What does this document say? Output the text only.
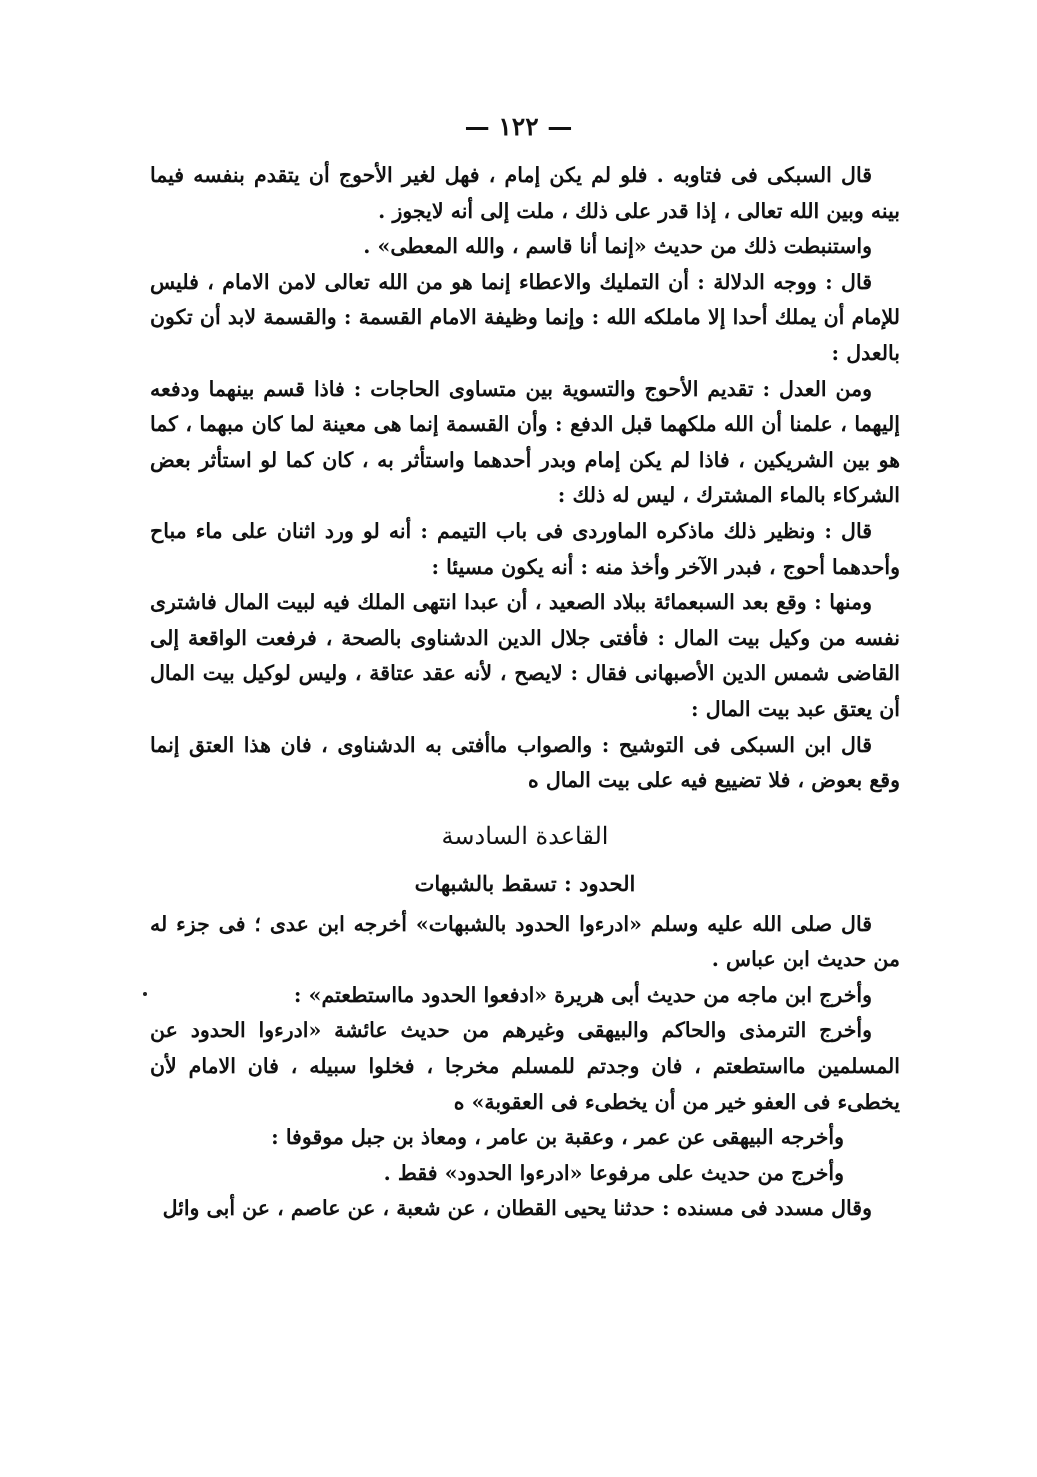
— ١٢٢ —

قال السبكى فى فتاوبه . فلو لم يكن إمام ، فهل لغير الأحوج أن يتقدم بنفسه فيما بينه وبين الله تعالى ، إذا قدر على ذلك ، ملت إلى أنه لايجوز .

واستنبطت ذلك من حديث «إنما أنا قاسم ، والله المعطى» .

قال : ووجه الدلالة : أن التمليك والاعطاء إنما هو من الله تعالى لامن الامام ، فليس للإمام أن يملك أحدا إلا ماملكه الله : وإنما وظيفة الامام القسمة : والقسمة لابد أن تكون بالعدل :

ومن العدل : تقديم الأحوج والتسوية بين متساوى الحاجات : فاذا قسم بينهما ودفعه إليهما ، علمنا أن الله ملكهما قبل الدفع : وأن القسمة إنما هى معينة لما كان مبهما ، كما هو بين الشريكين ، فاذا لم يكن إمام وبدر أحدهما واستأثر به ، كان كما لو استأثر بعض الشركاء بالماء المشترك ، ليس له ذلك :

قال : ونظير ذلك ماذكره الماوردى فى باب التيمم : أنه لو ورد اثنان على ماء مباح وأحدهما أحوج ، فبدر الآخر وأخذ منه : أنه يكون مسيئا :

ومنها : وقع بعد السبعمائة ببلاد الصعيد ، أن عبدا انتهى الملك فيه لبيت المال فاشترى نفسه من وكيل بيت المال : فأفتى جلال الدين الدشناوى بالصحة ، فرفعت الواقعة إلى القاضى شمس الدين الأصبهانى فقال : لايصح ، لأنه عقد عتاقة ، وليس لوكيل بيت المال أن يعتق عبد بيت المال :

قال ابن السبكى فى التوشيح : والصواب ماأفتى به الدشناوى ، فان هذا العتق إنما وقع بعوض ، فلا تضييع فيه على بيت المال ه

القاعدة السادسة

الحدود : تسقط بالشبهات

قال صلى الله عليه وسلم «ادرءوا الحدود بالشبهات» أخرجه ابن عدى ؛ فى جزء له من حديث ابن عباس .

وأخرج ابن ماجه من حديث أبى هريرة «ادفعوا الحدود مااستطعتم» :

وأخرج الترمذى والحاكم والبيهقى وغيرهم من حديث عائشة «ادرءوا الحدود عن المسلمين مااستطعتم ، فان وجدتم للمسلم مخرجا ، فخلوا سبيله ، فان الامام لأن يخطىء فى العفو خير من أن يخطىء فى العقوبة» ه

وأخرجه البيهقى عن عمر ، وعقبة بن عامر ، ومعاذ بن جبل موقوفا :

وأخرج من حديث على مرفوعا «ادرءوا الحدود» فقط .

وقال مسدد فى مسنده : حدثنا يحيى القطان ، عن شعبة ، عن عاصم ، عن أبى وائل
